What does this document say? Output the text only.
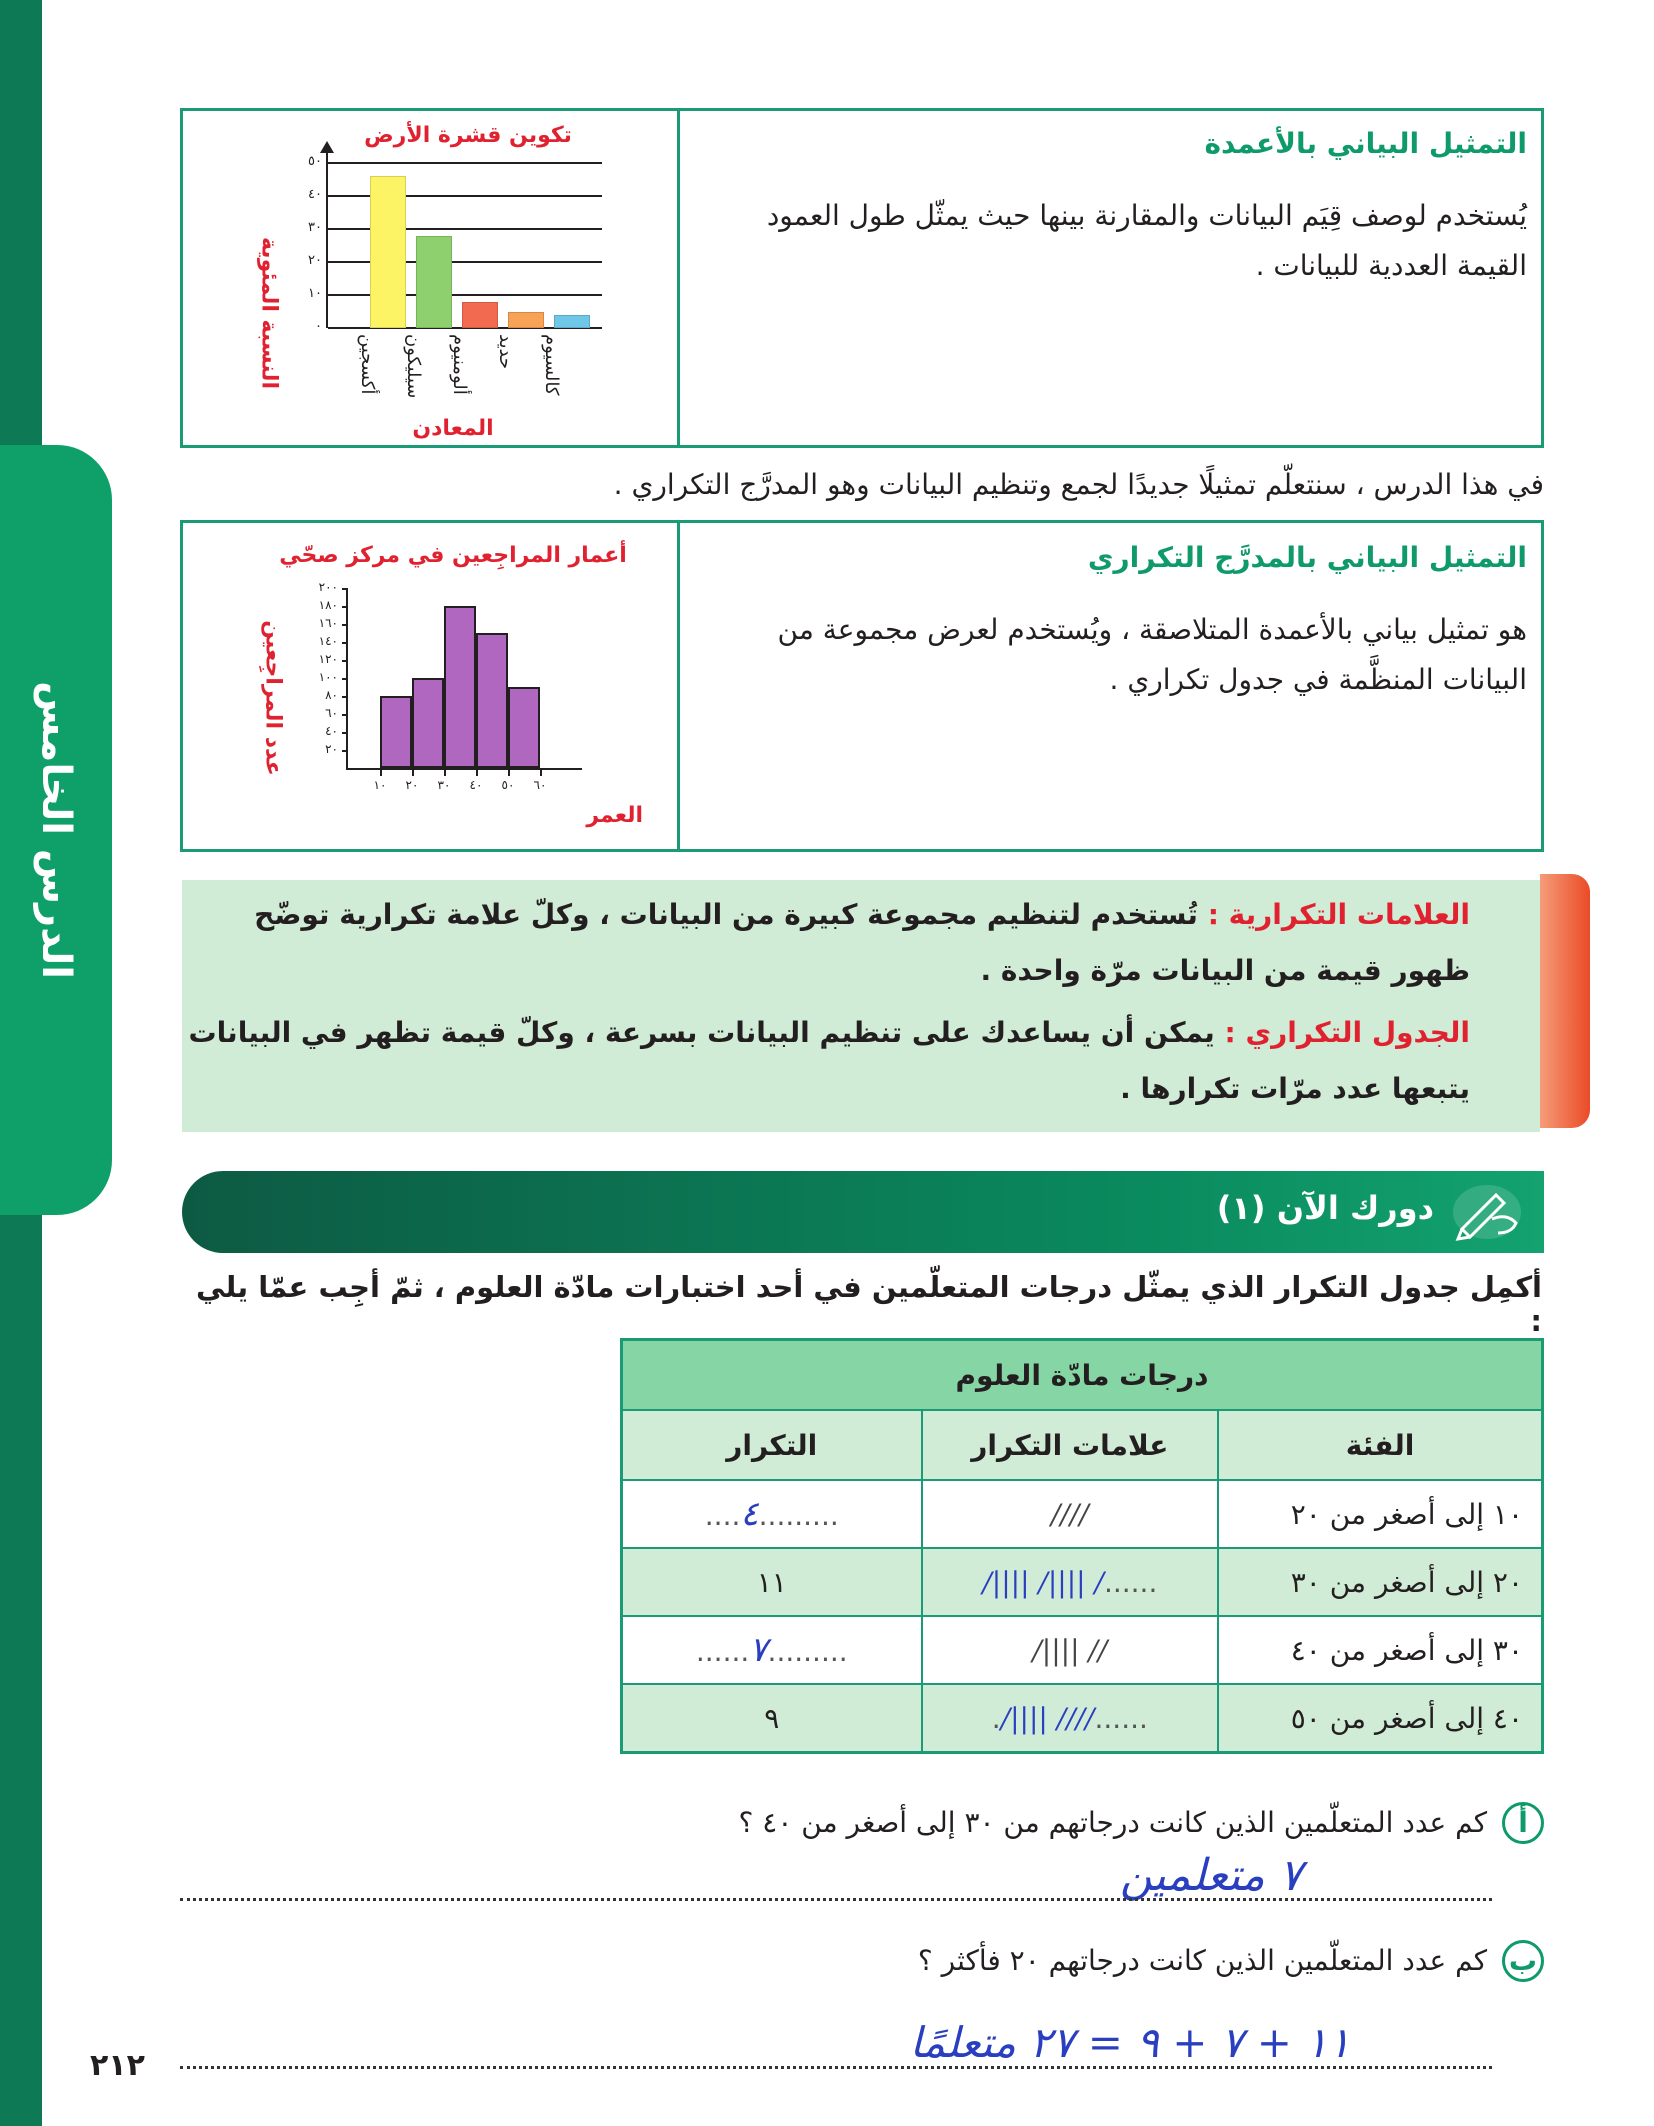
الدرس الخامس
التمثيل البياني بالأعمدة
يُستخدم لوصف قِيَم البيانات والمقارنة بينها حيث يمثّل طول العمود القيمة العددية للبيانات .
تكوين قشرة الأرض
النسبة المئوية	٠
١٠
٢٠
٣٠
٤٠
٥٠
أكسجين سيليكون ألومنيوم حديد كالسيوم
المعادن
في هذا الدرس ، سنتعلّم تمثيلًا جديدًا لجمع وتنظيم البيانات وهو المدرَّج التكراري .
التمثيل البياني بالمدرَّج التكراري
هو تمثيل بياني بالأعمدة المتلاصقة ، ويُستخدم لعرض مجموعة من البيانات المنظَّمة في جدول تكراري .
أعمار المراجِعين في مركز صحّي
عدد المراجِعين	٢٠
٤٠
٦٠
٨٠
١٠٠
١٢٠
١٤٠
١٦٠
١٨٠
٢٠٠
١٠	٢٠	٣٠	٤٠	٥٠	٦٠
العمر
العلامات التكرارية : تُستخدم لتنظيم مجموعة كبيرة من البيانات ، وكلّ علامة تكرارية توضّح
ظهور قيمة من البيانات مرّة واحدة .
الجدول التكراري : يمكن أن يساعدك على تنظيم البيانات بسرعة ، وكلّ قيمة تظهر في البيانات
يتبعها عدد مرّات تكرارها .
دورك الآن (١)
أكمِل جدول التكرار الذي يمثّل درجات المتعلّمين في أحد اختبارات مادّة العلوم ، ثمّ أجِب عمّا يلي :
درجات مادّة العلوم		
الفئة	علامات التكرار	التكرار
١٠ إلى أصغر من ٢٠	////	.........٤....
٢٠ إلى أصغر من ٣٠	....../ ||||/ ||||/	١١
٣٠ إلى أصغر من ٤٠	// ||||/	.........٧......
٤٠ إلى أصغر من ٥٠	......//// ||||/.	٩
أ كم عدد المتعلّمين الذين كانت درجاتهم من ٣٠ إلى أصغر من ٤٠ ؟
٧ متعلمين
ب كم عدد المتعلّمين الذين كانت درجاتهم ٢٠ فأكثر ؟
١١ + ٧ + ٩ = ٢٧ متعلمًا
٢١٢
